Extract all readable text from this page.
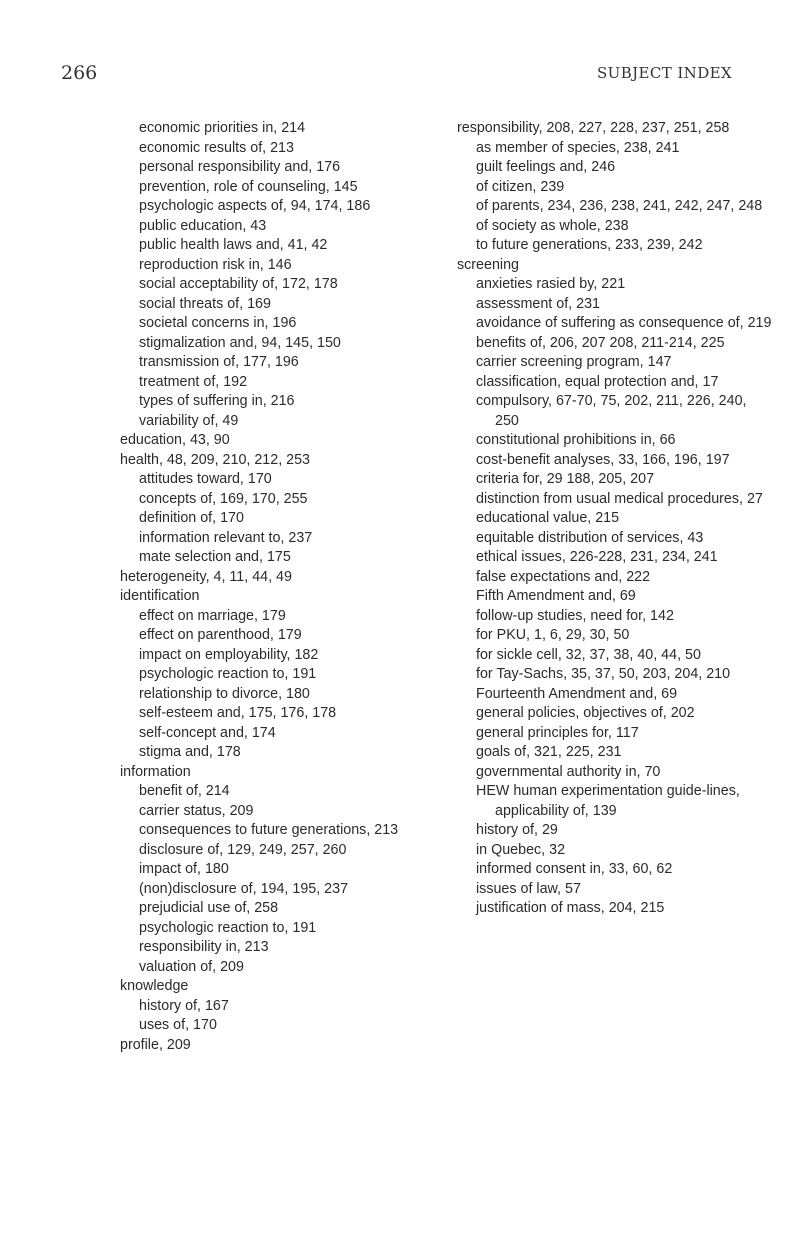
266	SUBJECT INDEX

economic priorities in, 214

economic results of, 213

personal responsibility and, 176

prevention, role of counseling, 145

psychologic aspects of, 94, 174, 186

public education, 43

public health laws and, 41, 42

reproduction risk in, 146

social acceptability of, 172, 178

social threats of, 169

societal concerns in, 196

stigmalization and, 94, 145, 150

transmission of, 177, 196

treatment of, 192

types of suffering in, 216

variability of, 49

education, 43, 90

health, 48, 209, 210, 212, 253

attitudes toward, 170

concepts of, 169, 170, 255

definition of, 170

information relevant to, 237

mate selection and, 175

heterogeneity, 4, 11, 44, 49

identification

effect on marriage, 179

effect on parenthood, 179

impact on employability, 182

psychologic reaction to, 191

relationship to divorce, 180

self-esteem and, 175, 176, 178

self-concept and, 174

stigma and, 178

information

benefit of, 214

carrier status, 209

consequences to future generations, 213

disclosure of, 129, 249, 257, 260

impact of, 180

(non)disclosure of, 194, 195, 237

prejudicial use of, 258

psychologic reaction to, 191

responsibility in, 213

valuation of, 209

knowledge

history of, 167

uses of, 170

profile, 209

responsibility, 208, 227, 228, 237, 251, 258

as member of species, 238, 241

guilt feelings and, 246

of citizen, 239

of parents, 234, 236, 238, 241, 242, 247, 248

of society as whole, 238

to future generations, 233, 239, 242

screening

anxieties rasied by, 221

assessment of, 231

avoidance of suffering as consequence of, 219

benefits of, 206, 207 208, 211-214, 225

carrier screening program, 147

classification, equal protection and, 17

compulsory, 67-70, 75, 202, 211, 226, 240, 250

constitutional prohibitions in, 66

cost-benefit analyses, 33, 166, 196, 197

criteria for, 29 188, 205, 207

distinction from usual medical procedures, 27

educational value, 215

equitable distribution of services, 43

ethical issues, 226-228, 231, 234, 241

false expectations and, 222

Fifth Amendment and, 69

follow-up studies, need for, 142

for PKU, 1, 6, 29, 30, 50

for sickle cell, 32, 37, 38, 40, 44, 50

for Tay-Sachs, 35, 37, 50, 203, 204, 210

Fourteenth Amendment and, 69

general policies, objectives of, 202

general principles for, 117

goals of, 321, 225, 231

governmental authority in, 70

HEW human experimentation guide-lines, applicability of, 139

history of, 29

in Quebec, 32

informed consent in, 33, 60, 62

issues of law, 57

justification of mass, 204, 215
